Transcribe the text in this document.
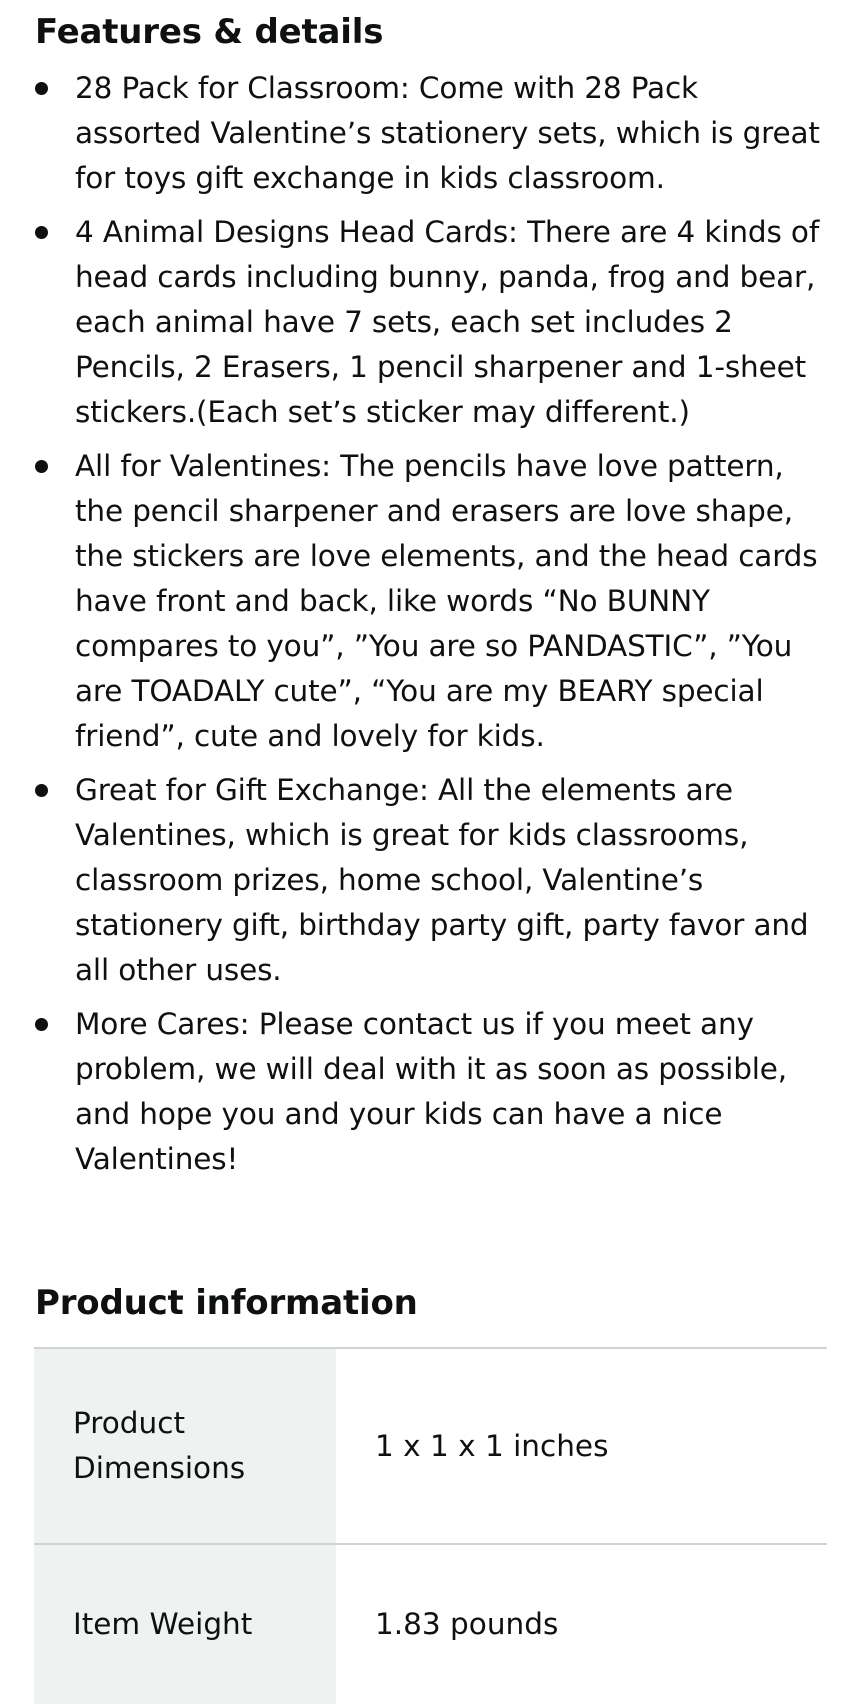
Features & details
28 Pack for Classroom: Come with 28 Pack assorted Valentine’s stationery sets, which is great for toys gift exchange in kids classroom.
4 Animal Designs Head Cards: There are 4 kinds of head cards including bunny, panda, frog and bear, each animal have 7 sets, each set includes 2 Pencils, 2 Erasers, 1 pencil sharpener and 1-sheet stickers.(Each set’s sticker may different.)
All for Valentines: The pencils have love pattern, the pencil sharpener and erasers are love shape, the stickers are love elements, and the head cards have front and back, like words “No BUNNY compares to you”, ”You are so PANDASTIC”, ”You are TOADALY cute”, “You are my BEARY special friend”, cute and lovely for kids.
Great for Gift Exchange: All the elements are Valentines, which is great for kids classrooms, classroom prizes, home school, Valentine’s stationery gift, birthday party gift, party favor and all other uses.
More Cares: Please contact us if you meet any problem, we will deal with it as soon as possible, and hope you and your kids can have a nice Valentines!
Product information
Product Dimensions	1 x 1 x 1 inches
Item Weight	1.83 pounds
